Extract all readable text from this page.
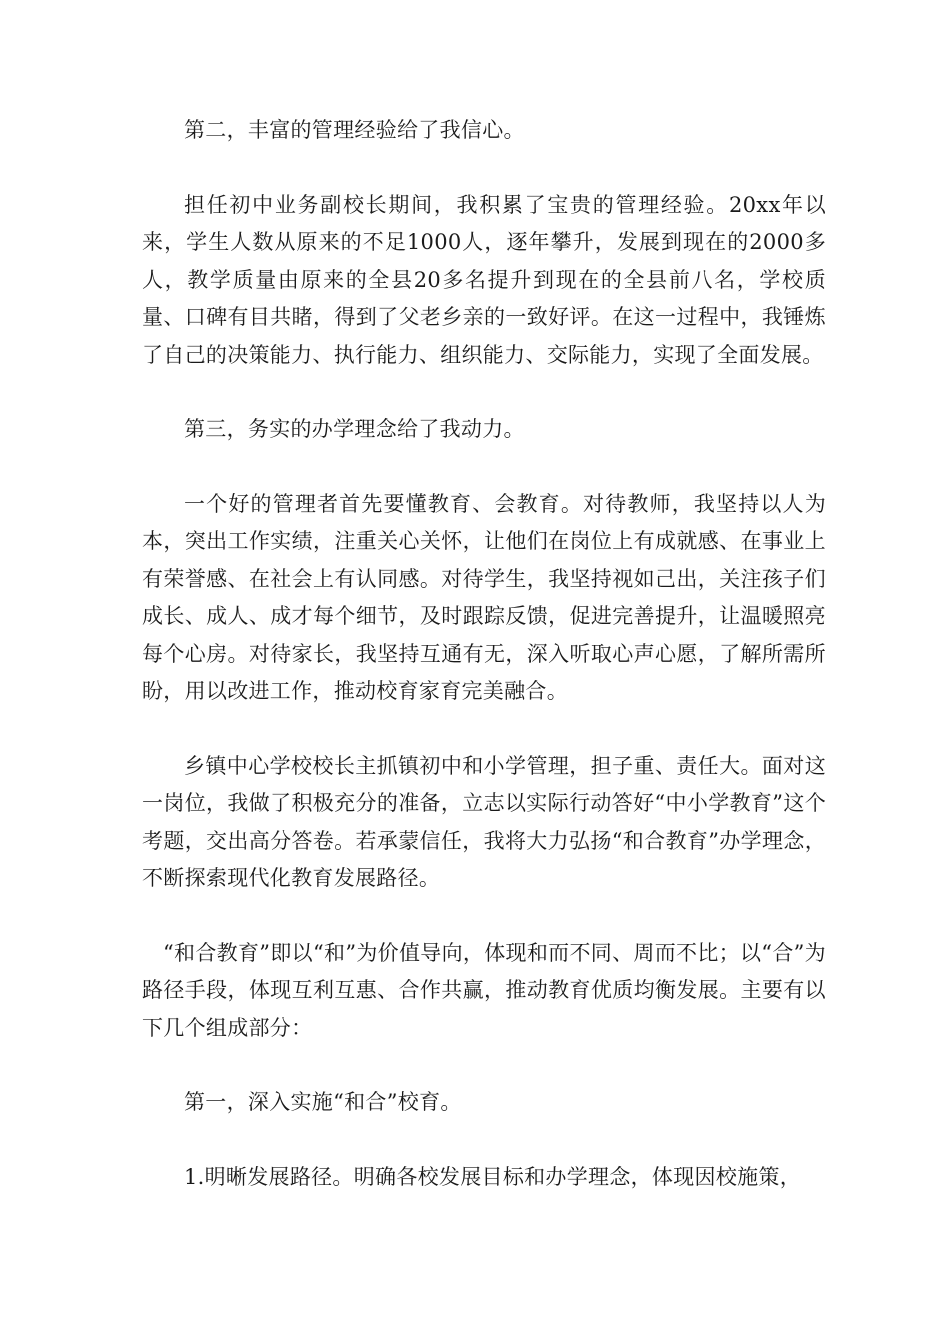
第二，丰富的管理经验给了我信心。

担任初中业务副校长期间，我积累了宝贵的管理经验。20xx年以来，学生人数从原来的不足1000人，逐年攀升，发展到现在的2000多人，教学质量由原来的全县20多名提升到现在的全县前八名，学校质量、口碑有目共睹，得到了父老乡亲的一致好评。在这一过程中，我锤炼了自己的决策能力、执行能力、组织能力、交际能力，实现了全面发展。

第三，务实的办学理念给了我动力。

一个好的管理者首先要懂教育、会教育。对待教师，我坚持以人为本，突出工作实绩，注重关心关怀，让他们在岗位上有成就感、在事业上有荣誉感、在社会上有认同感。对待学生，我坚持视如己出，关注孩子们成长、成人、成才每个细节，及时跟踪反馈，促进完善提升，让温暖照亮每个心房。对待家长，我坚持互通有无，深入听取心声心愿，了解所需所盼，用以改进工作，推动校育家育完美融合。

乡镇中心学校校长主抓镇初中和小学管理，担子重、责任大。面对这一岗位，我做了积极充分的准备，立志以实际行动答好“中小学教育”这个考题，交出高分答卷。若承蒙信任，我将大力弘扬“和合教育”办学理念，不断探索现代化教育发展路径。

“和合教育”即以“和”为价值导向，体现和而不同、周而不比；以“合”为路径手段，体现互利互惠、合作共赢，推动教育优质均衡发展。主要有以下几个组成部分：

第一，深入实施“和合”校育。

1.明晰发展路径。明确各校发展目标和办学理念，体现因校施策，
